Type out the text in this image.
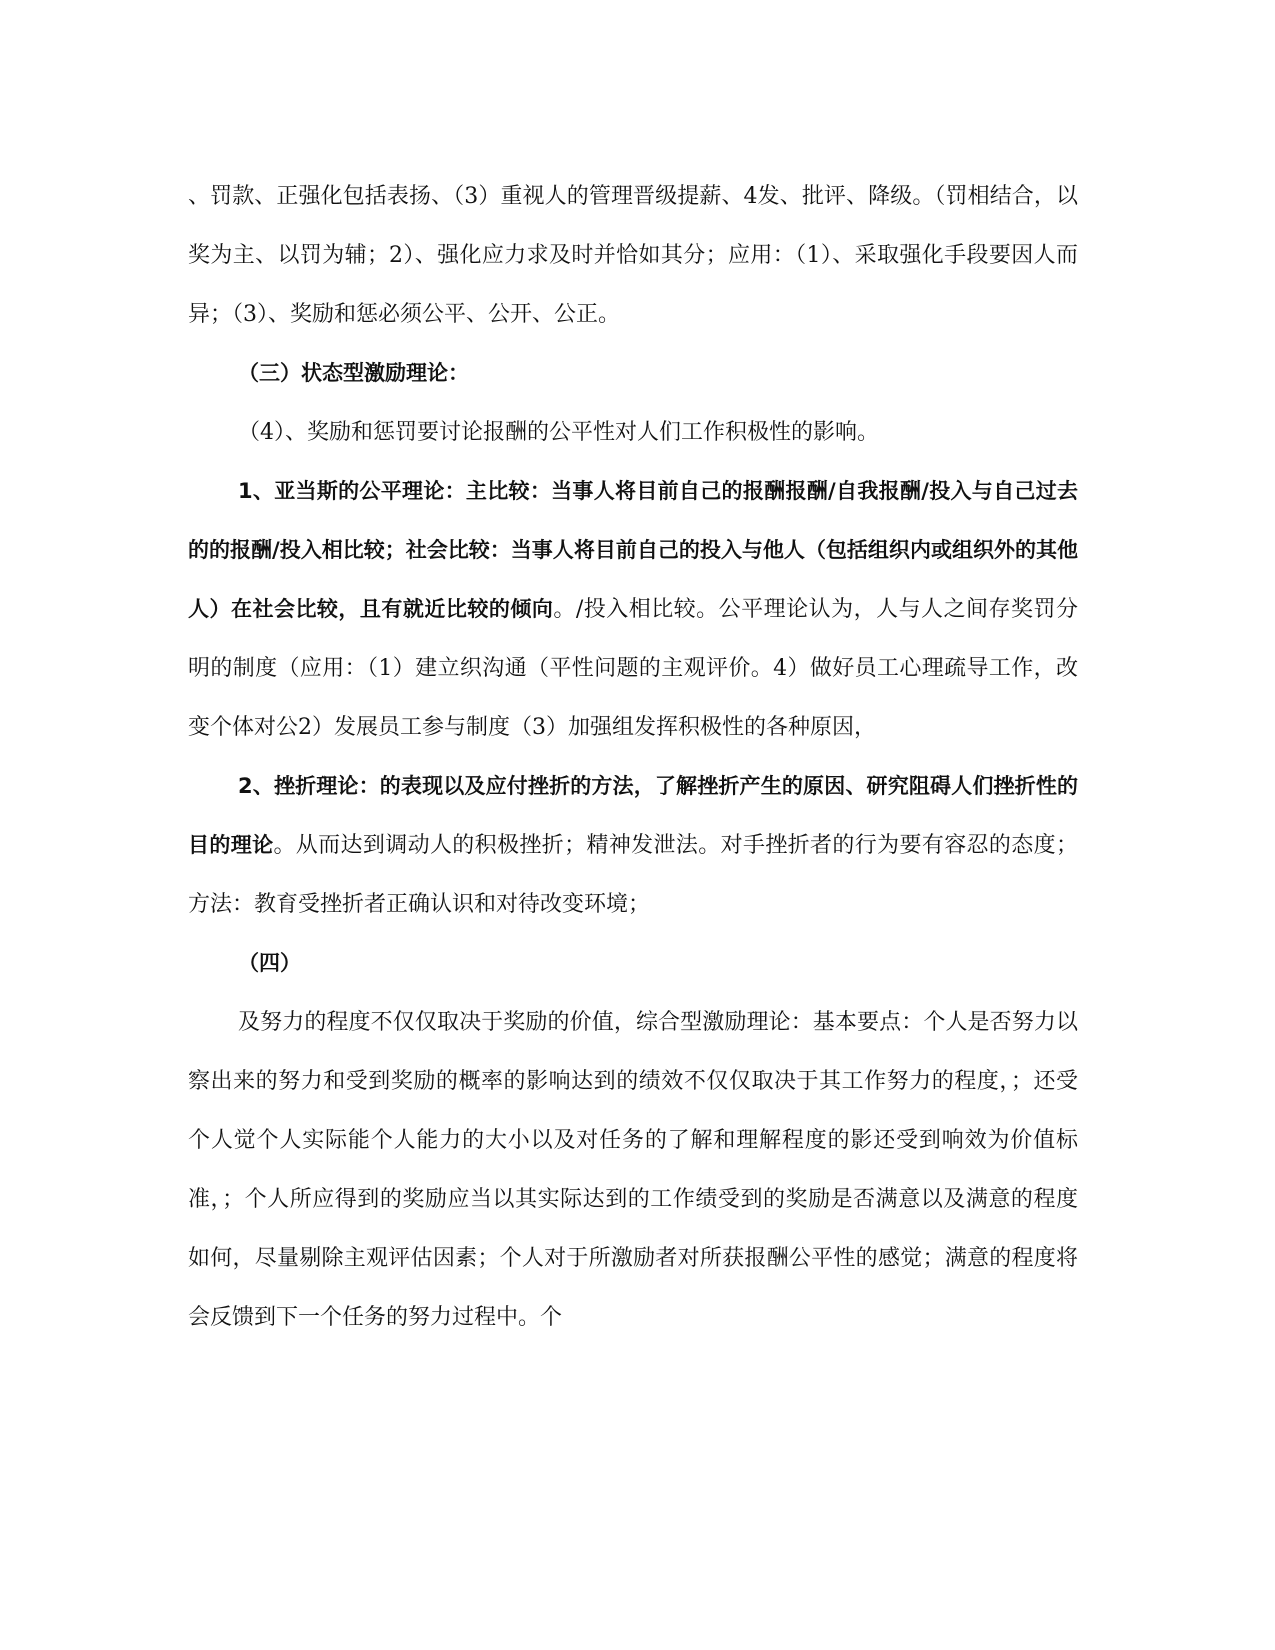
、罚款、正强化包括表扬、（3）重视人的管理晋级提薪、4发、批评、降级。（罚相结合，以奖为主、以罚为辅；2）、强化应力求及时并恰如其分；应用：（1）、采取强化手段要因人而异；（3）、奖励和惩必须公平、公开、公正。

（三）状态型激励理论：

（4）、奖励和惩罚要讨论报酬的公平性对人们工作积极性的影响。

1、亚当斯的公平理论：主比较：当事人将目前自己的报酬报酬/自我报酬/投入与自己过去的的报酬/投入相比较；社会比较：当事人将目前自己的投入与他人（包括组织内或组织外的其他人）在社会比较，且有就近比较的倾向。/投入相比较。公平理论认为，人与人之间存奖罚分明的制度（应用：（1）建立织沟通（平性问题的主观评价。4）做好员工心理疏导工作，改变个体对公2）发展员工参与制度（3）加强组发挥积极性的各种原因，

2、挫折理论：的表现以及应付挫折的方法，了解挫折产生的原因、研究阻碍人们挫折性的目的理论。从而达到调动人的积极挫折；精神发泄法。对手挫折者的行为要有容忍的态度；方法：教育受挫折者正确认识和对待改变环境；

（四）

及努力的程度不仅仅取决于奖励的价值，综合型激励理论：基本要点：个人是否努力以察出来的努力和受到奖励的概率的影响达到的绩效不仅仅取决于其工作努力的程度，；还受个人觉个人实际能个人能力的大小以及对任务的了解和理解程度的影还受到响效为价值标准，；个人所应得到的奖励应当以其实际达到的工作绩受到的奖励是否满意以及满意的程度如何，尽量剔除主观评估因素；个人对于所激励者对所获报酬公平性的感觉；满意的程度将会反馈到下一个任务的努力过程中。个
